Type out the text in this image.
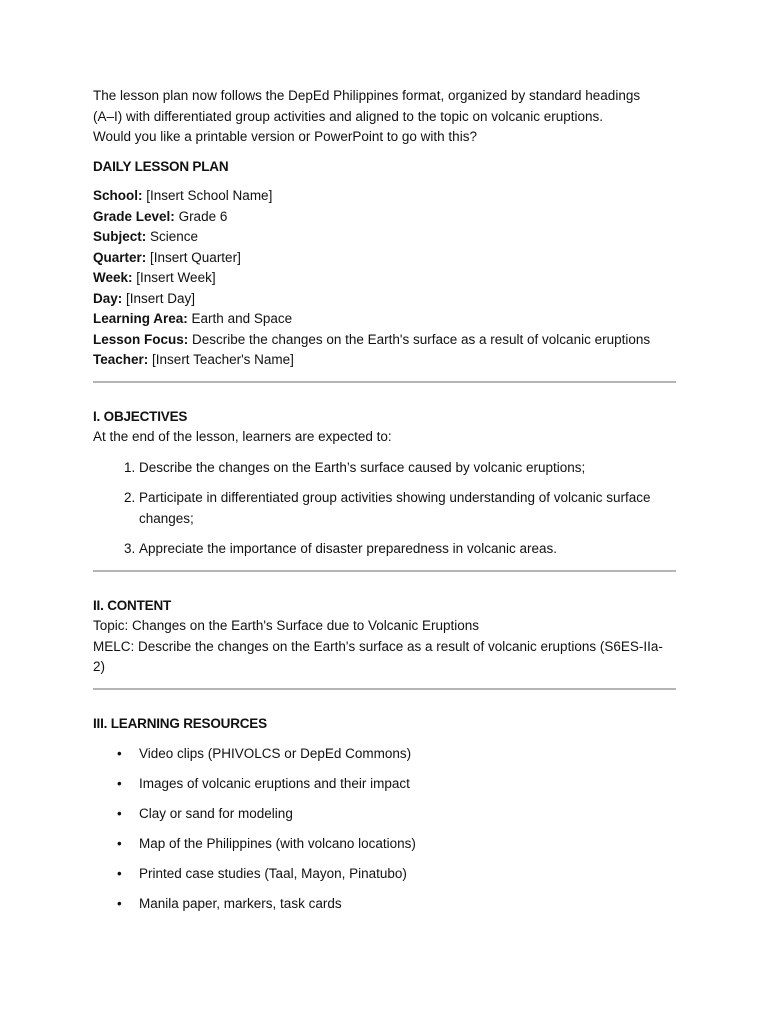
The lesson plan now follows the DepEd Philippines format, organized by standard headings
(A–I) with differentiated group activities and aligned to the topic on volcanic eruptions.
Would you like a printable version or PowerPoint to go with this?

DAILY LESSON PLAN

School: [Insert School Name]

Grade Level: Grade 6

Subject: Science

Quarter: [Insert Quarter]

Week: [Insert Week]

Day: [Insert Day]

Learning Area: Earth and Space

Lesson Focus: Describe the changes on the Earth's surface as a result of volcanic eruptions

Teacher: [Insert Teacher's Name]

I. OBJECTIVES

At the end of the lesson, learners are expected to:

1. Describe the changes on the Earth’s surface caused by volcanic eruptions;
2. Participate in differentiated group activities showing understanding of volcanic surface changes;
3. Appreciate the importance of disaster preparedness in volcanic areas.

II. CONTENT

Topic: Changes on the Earth's Surface due to Volcanic Eruptions

MELC: Describe the changes on the Earth's surface as a result of volcanic eruptions (S6ES-IIa-
2)

III. LEARNING RESOURCES

• Video clips (PHIVOLCS or DepEd Commons)
• Images of volcanic eruptions and their impact
• Clay or sand for modeling
• Map of the Philippines (with volcano locations)
• Printed case studies (Taal, Mayon, Pinatubo)
• Manila paper, markers, task cards
